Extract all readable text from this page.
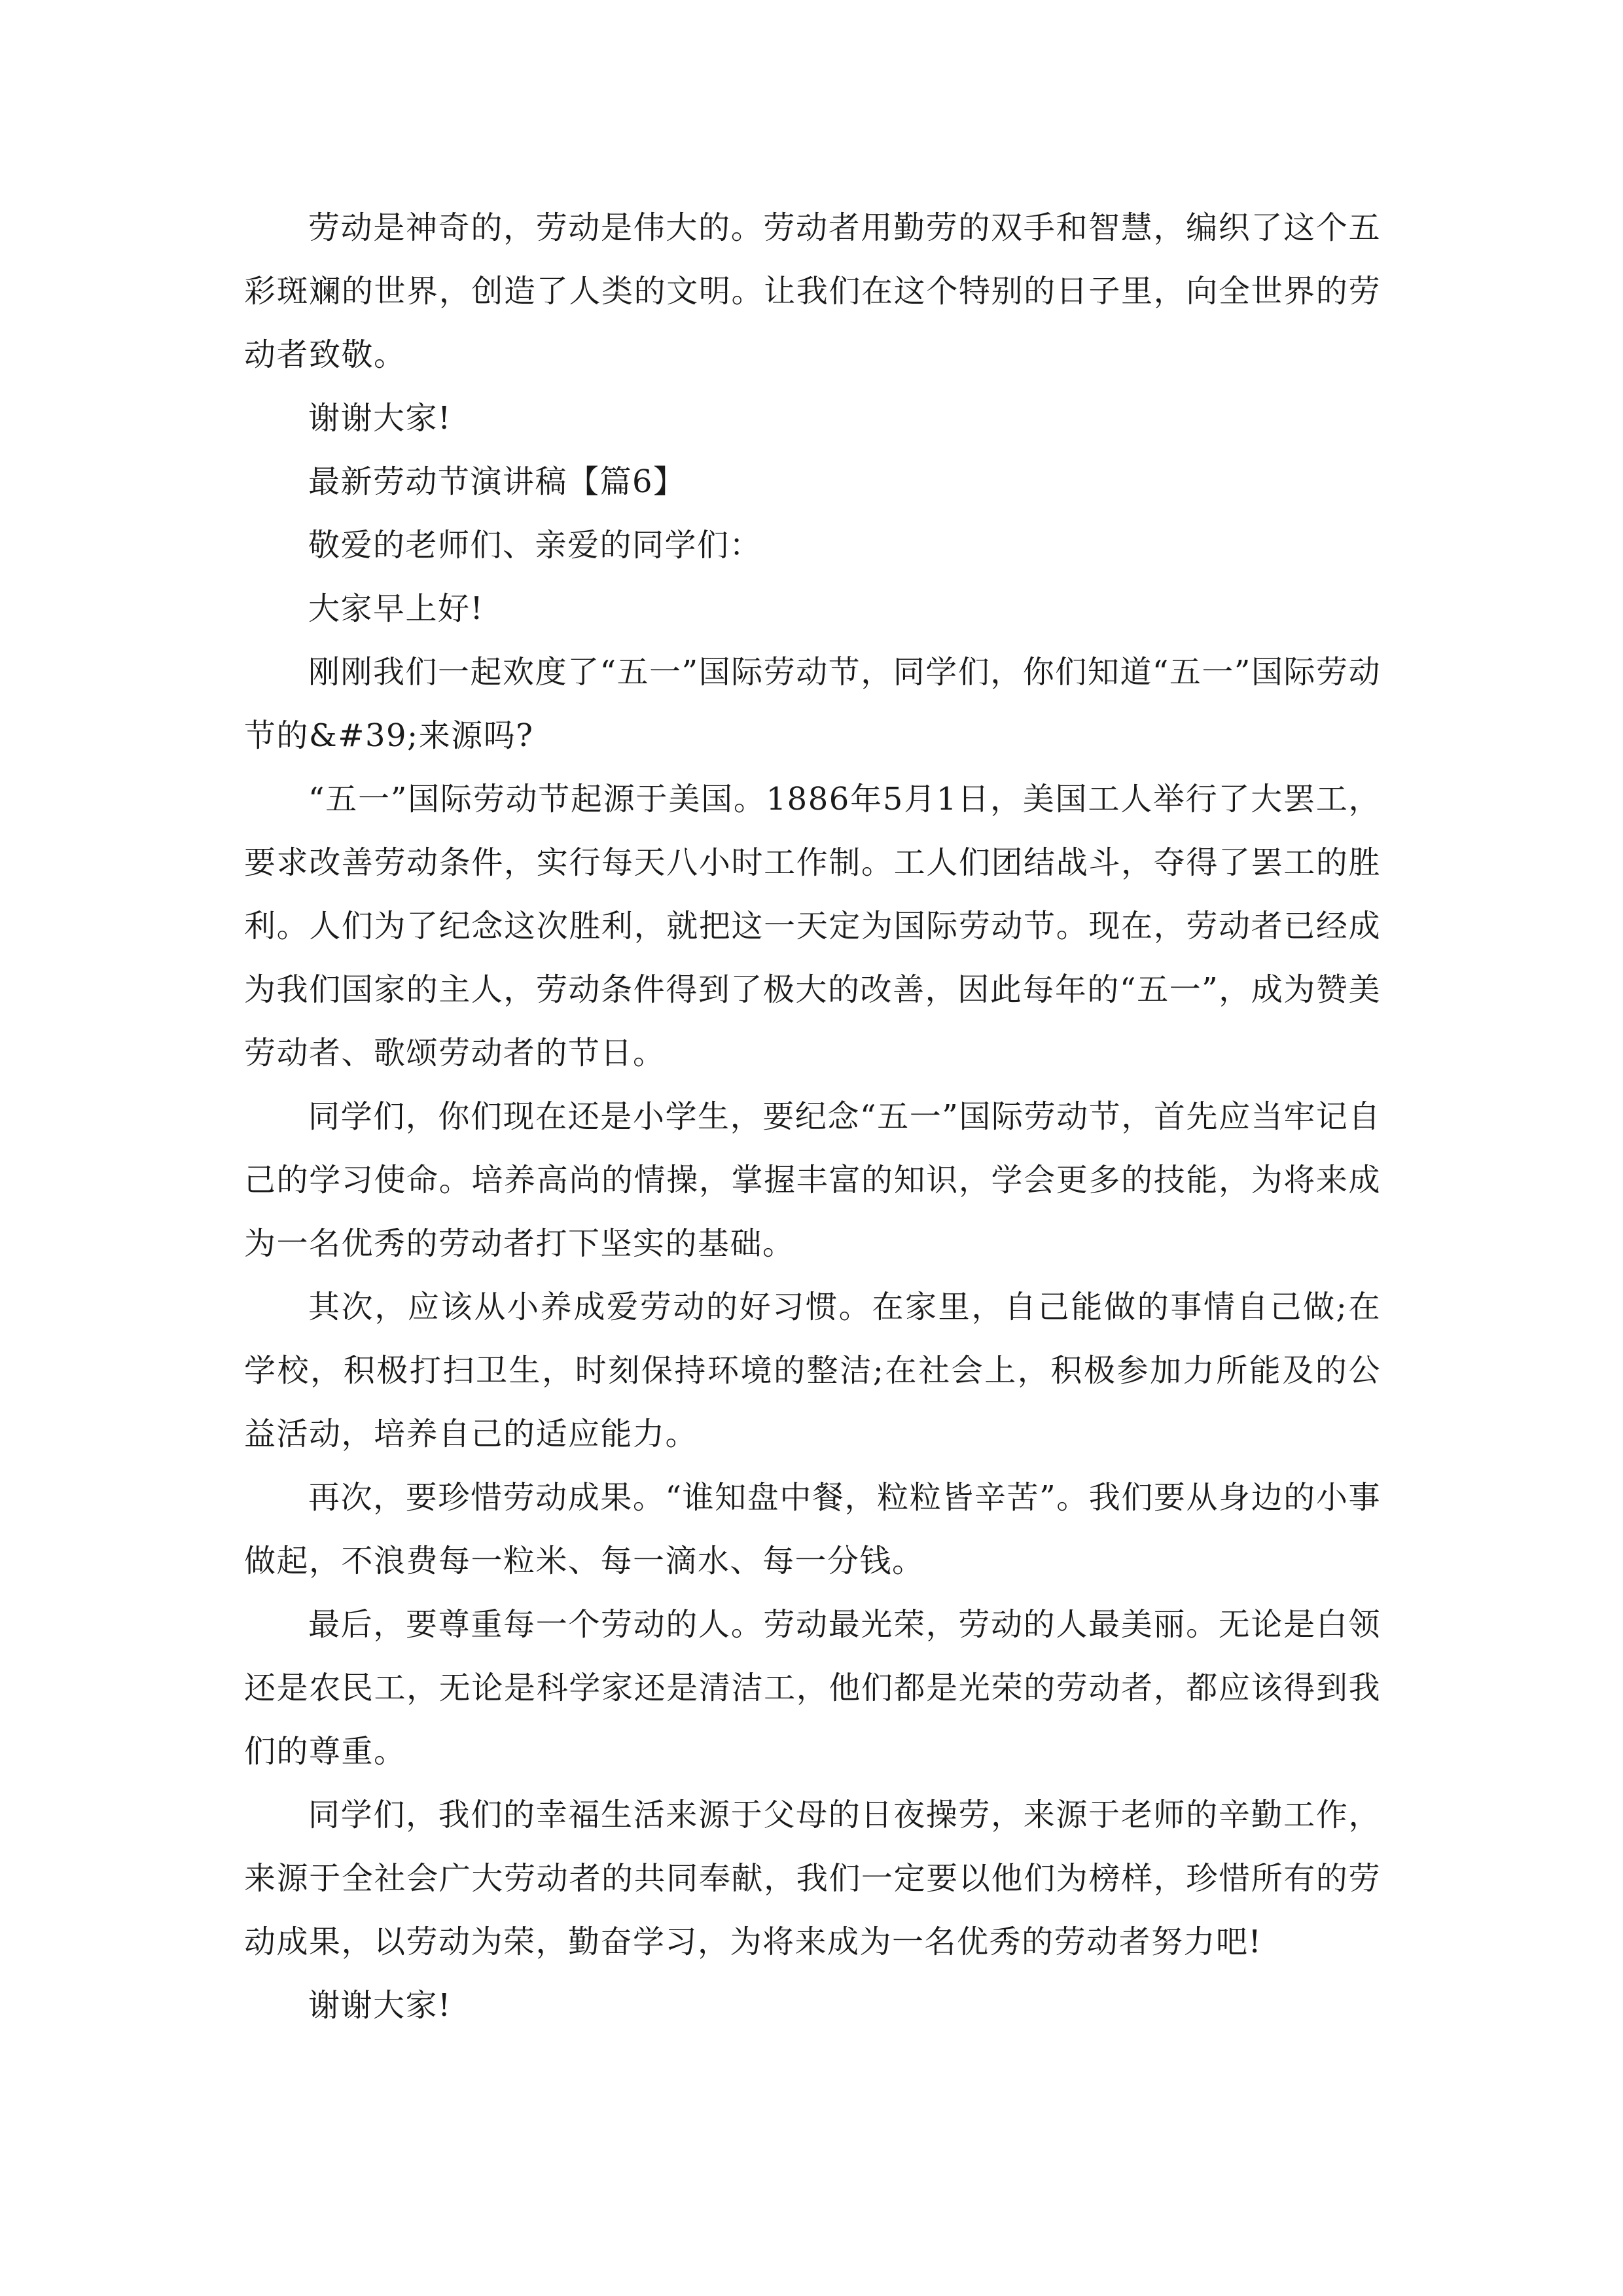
劳动是神奇的，劳动是伟大的。劳动者用勤劳的双手和智慧，编织了这个五彩斑斓的世界，创造了人类的文明。让我们在这个特别的日子里，向全世界的劳动者致敬。

谢谢大家!

最新劳动节演讲稿【篇6】

敬爱的老师们、亲爱的同学们：

大家早上好!

刚刚我们一起欢度了“五一”国际劳动节，同学们，你们知道“五一”国际劳动节的&#39;来源吗?

“五一”国际劳动节起源于美国。1886年5月1日，美国工人举行了大罢工，要求改善劳动条件，实行每天八小时工作制。工人们团结战斗，夺得了罢工的胜利。人们为了纪念这次胜利，就把这一天定为国际劳动节。现在，劳动者已经成为我们国家的主人，劳动条件得到了极大的改善，因此每年的“五一”，成为赞美劳动者、歌颂劳动者的节日。

同学们，你们现在还是小学生，要纪念“五一”国际劳动节，首先应当牢记自己的学习使命。培养高尚的情操，掌握丰富的知识，学会更多的技能，为将来成为一名优秀的劳动者打下坚实的基础。

其次，应该从小养成爱劳动的好习惯。在家里，自己能做的事情自己做;在学校，积极打扫卫生，时刻保持环境的整洁;在社会上，积极参加力所能及的公益活动，培养自己的适应能力。

再次，要珍惜劳动成果。“谁知盘中餐，粒粒皆辛苦”。我们要从身边的小事做起，不浪费每一粒米、每一滴水、每一分钱。

最后，要尊重每一个劳动的人。劳动最光荣，劳动的人最美丽。无论是白领还是农民工，无论是科学家还是清洁工，他们都是光荣的劳动者，都应该得到我们的尊重。

同学们，我们的幸福生活来源于父母的日夜操劳，来源于老师的辛勤工作，来源于全社会广大劳动者的共同奉献，我们一定要以他们为榜样，珍惜所有的劳动成果，以劳动为荣，勤奋学习，为将来成为一名优秀的劳动者努力吧!

谢谢大家!
